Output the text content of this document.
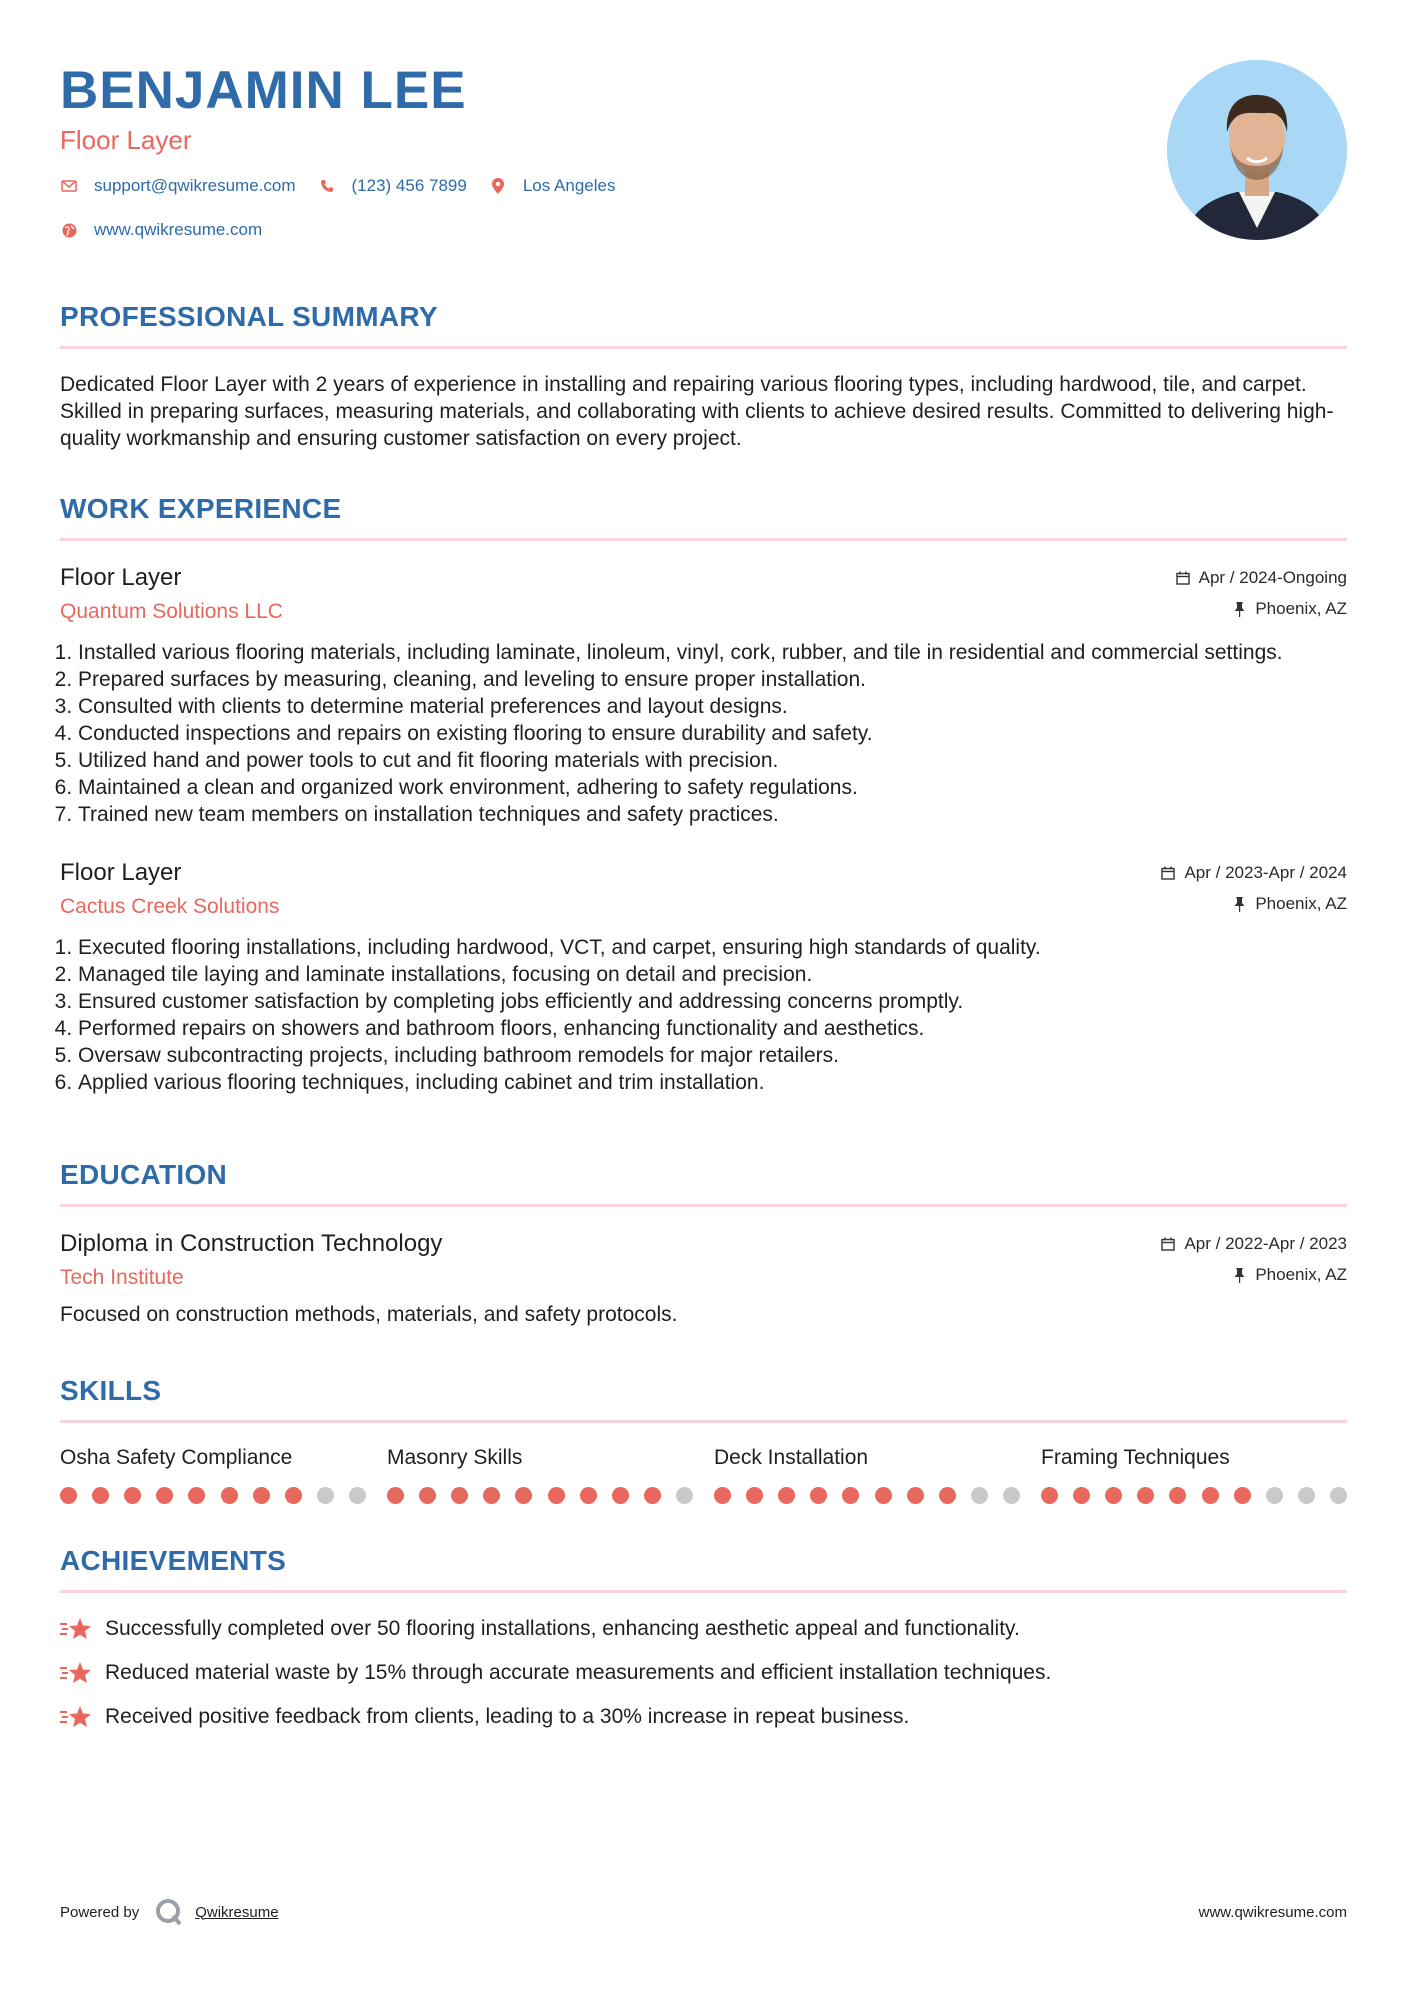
BENJAMIN LEE
Floor Layer
support@qwikresume.com	(123) 456 7899	Los Angeles
www.qwikresume.com
PROFESSIONAL SUMMARY

Dedicated Floor Layer with 2 years of experience in installing and repairing various flooring types, including hardwood, tile, and carpet. Skilled in preparing surfaces, measuring materials, and collaborating with clients to achieve desired results. Committed to delivering high-quality workmanship and ensuring customer satisfaction on every project.

WORK EXPERIENCE
Floor Layer
Quantum Solutions LLC
Apr / 2024-Ongoing
Phoenix, AZ
1. Installed various flooring materials, including laminate, linoleum, vinyl, cork, rubber, and tile in residential and commercial settings.
2. Prepared surfaces by measuring, cleaning, and leveling to ensure proper installation.
3. Consulted with clients to determine material preferences and layout designs.
4. Conducted inspections and repairs on existing flooring to ensure durability and safety.
5. Utilized hand and power tools to cut and fit flooring materials with precision.
6. Maintained a clean and organized work environment, adhering to safety regulations.
7. Trained new team members on installation techniques and safety practices.
Floor Layer
Cactus Creek Solutions
Apr / 2023-Apr / 2024
Phoenix, AZ
1. Executed flooring installations, including hardwood, VCT, and carpet, ensuring high standards of quality.
2. Managed tile laying and laminate installations, focusing on detail and precision.
3. Ensured customer satisfaction by completing jobs efficiently and addressing concerns promptly.
4. Performed repairs on showers and bathroom floors, enhancing functionality and aesthetics.
5. Oversaw subcontracting projects, including bathroom remodels for major retailers.
6. Applied various flooring techniques, including cabinet and trim installation.
EDUCATION
Diploma in Construction Technology
Tech Institute
Apr / 2022-Apr / 2023
Phoenix, AZ

Focused on construction methods, materials, and safety protocols.

SKILLS
Osha Safety Compliance	Masonry Skills	Deck Installation	Framing Techniques
ACHIEVEMENTS
Successfully completed over 50 flooring installations, enhancing aesthetic appeal and functionality.
Reduced material waste by 15% through accurate measurements and efficient installation techniques.
Received positive feedback from clients, leading to a 30% increase in repeat business.
Powered by	Qwikresume	www.qwikresume.com
